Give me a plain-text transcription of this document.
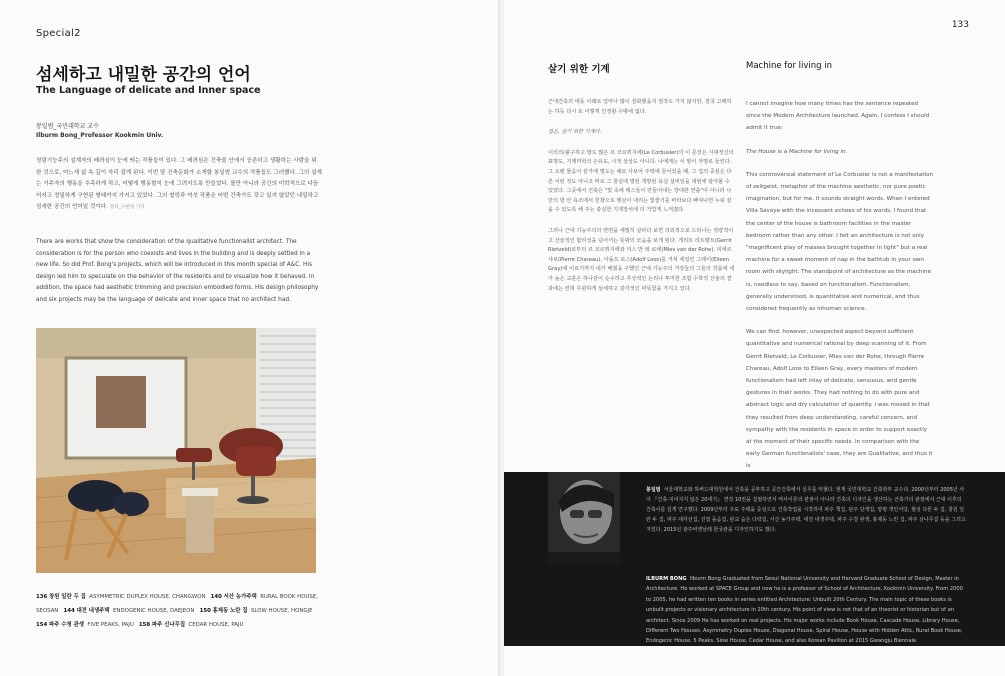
Special2
섬세하고 내밀한 공간의 언어
The Language of delicate and Inner space
봉일범_국민대학교 교수
Ilburm Bong_Professor Kookmin Univ.
청림기능주의 설계자의 배려심이 눈에 띄는 작품들이 있다. 그 배려심은 건축물 안에서 공존하고 생활하는 사람을 위한 것으로, 어느새 삶 속 깊이 자리 잡게 된다. 이번 달 건축문화가 소개할 봉일범 교수의 작품들도 그러했다. 그의 설계는 거주자의 행동을 추측하게 하고, 어떻게 행동할지 눈에 그려지도록 만들었다. 볼만 아니라 공간의 미학적으로 다듬어지고 정밀하게 구현된 형태까지 가지고 있었다. 그의 철학과 여섯 작품은 어떤 건축가도 갖고 있지 않았던 내밀하고 섬세한 공간의 언어일 것이다. 정리_구현경 기자
There are works that show the consideration of the qualitative functionalist architect. The consideration is for the person who coexists and lives in the building and is deeply settled in a new life. So did Prof. Bong's projects, which will be introduced in this month special of A&C. His design led him to speculate on the behavior of the residents and to visualize how it behaved. In addition, the space had aesthetic trimming and precision embodied forms. His design philosophy and six projects may be the language of delicate and inner space that no architect had.
136 창원 일란 두 집 ASYMMETRIC DUPLEX HOUSE, CHANGWON 140 서산 농가주택 RURAL BOOK HOUSE, SEOSAN 144 대전 내생주택 ENDOGENIC HOUSE, DAEJEON 150 홍제동 노란 집 SLOW HOUSE, HONGJE   154 파주 수청 관생 FIVE PEAKS, PAJU 158 파주 신나무집 CEDAR HOUSE, PAJU
133
살기 위한 기계	Machine for living in

근대건축의 태동 이래로 얼마나 많이 질화했을지 짐작도 가지 않지만, 결국 고해하는 하듯 다시 또 이렇게 인정할 수밖에 없다.

집은, 살기 위한 기계다.

이의의(불구하고 말도 많은 르 코르뷔지에(Le Corbusier)의 이 문장은 시대정신의 표명도, 기계미학의 은유도, 시적 상상도 아니다. 나에게는 이 말이 자명로 들린다. 그 오랜 물음이 끝가에 멀도는 채로 사보아 주택에 들어섰을 때, 그 집의 중심은 다른 어떤 것도 아니고 바로 그 창실에 멀된 개방된 욕실 설비임을 대번에 알아볼 수 있었다. 그곳에서 건축은 "빛 속에 매스들이 만들어내는 장대한 연출"이 아니라 나만의 방 안 욕조에서 천창으로 햇살이 내리는 빛줄기를 바라보다 빠져나면 누워 잠을 수 있도록 해 주는 충실한 기계장치에 더 가깝게 느껴졌다.

그러나 근대 기능주의의 면면을 세밀히 살피다 보면 의외적으로 드러나는 정량적이고 산술적인 합리성을 넘어서는 뜻밖의 모습을 보게 된다. 게리트 리트벨트(Gerrit Rietveld)로부터 르 코르뷔지에와 미스 반 데 로에(Mies van der Rohe), 피에르 샤로(Pierre Chareau), 아돌프 로스(Adolf Loos)를 거쳐 에일린 그레이(Eileen Gray)에 이르기까지 내가 배웠을 구했던 근대 기능주의 거장들의 그들의 작품에 세가 높은 교훈은 하나같이 순수하고 추상적인 논리나 투미한 조합 수학적 산술의 결과에는 전혀 무관하게 섬세하고 감각적인 따뜻함을 가지고 있다.

I cannot imagine how many times has the sentence repeated since the Modern Architecture launched. Again, I confess I should admit it true:

The House is a Machine for living in.

This controversial statement of Le Corbusier is not a manifestation of zeitgeist, metaphor of the machine aesthetic, nor pure poetic imagination, but for me, it sounds straight words. When I entered Villa Savoye with the incessant echoes of his words, I found that the center of the house is bathroom facilities in the master bedroom rather than any other. I felt an architecture is not only "magnificent play of masses brought together in light" but a real machine for a sweet moment of nap in the bathtub in your own room with skylight. The standpoint of architecture as the machine is, needless to say, based on functionalism. Functionalism, generally understood, is quantitative and numerical, and thus considered frequently as inhuman science.

We can find, however, unexpected aspect beyond sufficient quantitative and numerical rational by deep scanning of it. From Gerrit Rietveld, Le Corbusier, Mies van der Rohe, through Pierre Chareau, Adolf Loos to Eileen Gray, every masters of modern functionalism had left inlay of delicate, sensuous, and gentle gestures in their works. They had nothing to do with pure and abstract logic and dry calculation of quantity. I was moved in that they resulted from deep understanding, careful concern, and sympathy with the residents in space in order to support exactly at the moment of their specific needs. In comparison with the early German functionalists' case, they are Qualitative, and thus it is

봉일범 서울대학교와 하버드대학원에서 건축을 공부하고 공간건축에서 실무를 익혔다. 현재 국민대학교 건축학부 교수다. 2000년부터 2005년 사이 『건축-지어지지 않은 20세기』 연작 10권을 집필하면서 역사이론의 관점이 아니라 건축의 디자인을 생산하는 건축가의 관점에서 근대 이후의 건축사를 깊게 연구했다. 2009년부터 주로 주택을 중심으로 건축작업을 시작하여 파주 책집, 판주 단개집, 양평 개인서당, 월성 다른 두 집, 창원 일란 두 집, 파주 대각선집, 진접 돌음집, 판교 숨은 다락집, 서산 농가주택, 대전 내생주택, 파주 수청 관생, 홍제동 느린 집, 파주 삼나무집 등을 그리고 지었다. 2015년 광주비엔날레 한국관을 디자인하기도 했다.
ILBURM BONG Ilburm Bong Graduated from Seoul National University and Harvard Graduate School of Design, Master in Architecture. He worked at SPACE Group and now he is a professor of School of Architecture, Kookmin University. From 2000 to 2005, he had written ten books in series entitled Architecture: Unbuilt 20th Century. The main topic of these books is unbuilt projects or visionary architecture in 20th century. His point of view is not that of an theorist or historian but of an architect. Since 2009 He has worked on real projects. His major works include Book House, Cascade House, Library House, Different Two Houses, Asymmetry Duplex House, Diagonal House, Spiral House, House with Hidden Attic, Rural Book House, Endogenic House, 5 Peaks, Slow House, Cedar House, and also Korean Pavilion at 2015 Gwangju Biennale.
